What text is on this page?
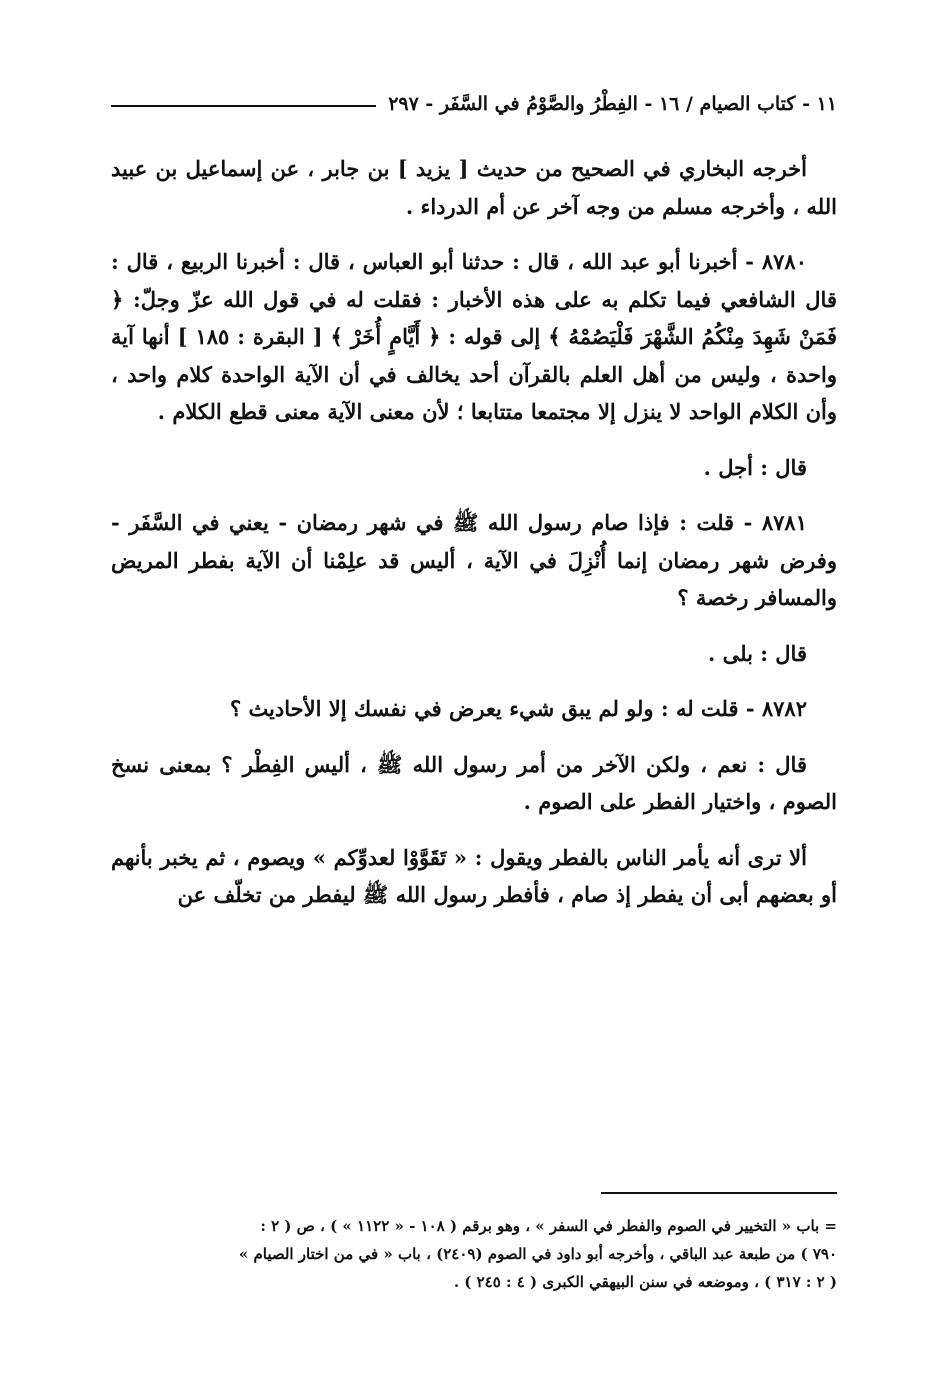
١١ - كتاب الصيام / ١٦ - الفِطْرُ والصَّوْمُ في السَّفَر - ٢٩٧

أخرجه البخاري في الصحيح من حديث [ يزيد ] بن جابر ، عن إسماعيل بن عبيد الله ، وأخرجه مسلم من وجه آخر عن أم الدرداء .

٨٧٨٠ - أخبرنا أبو عبد الله ، قال : حدثنا أبو العباس ، قال : أخبرنا الربيع ، قال : قال الشافعي فيما تكلم به على هذه الأخبار : فقلت له في قول الله عزّ وجلّ: ﴿ فَمَنْ شَهِدَ مِنْكُمُ الشَّهْرَ فَلْيَصُمْهُ ﴾ إلى قوله : ﴿ أَيَّامٍ أُخَرْ ﴾ [ البقرة : ١٨٥ ] أنها آية واحدة ، وليس من أهل العلم بالقرآن أحد يخالف في أن الآية الواحدة كلام واحد ، وأن الكلام الواحد لا ينزل إلا مجتمعا متتابعا ؛ لأن معنى الآية معنى قطع الكلام .

قال : أجل .

٨٧٨١ - قلت : فإذا صام رسول الله ﷺ في شهر رمضان - يعني في السَّفَر - وفرض شهر رمضان إنما أُنْزِلَ في الآية ، أليس قد علِمْنا أن الآية بفطر المريض والمسافر رخصة ؟

قال : بلى .

٨٧٨٢ - قلت له : ولو لم يبق شيء يعرض في نفسك إلا الأحاديث ؟

قال : نعم ، ولكن الآخر من أمر رسول الله ﷺ ، أليس الفِطْر ؟ بمعنى نسخ الصوم ، واختيار الفطر على الصوم .

ألا ترى أنه يأمر الناس بالفطر ويقول : « تَقَوَّوْا لعدوِّكم » ويصوم ، ثم يخبر بأنهم أو بعضهم أبى أن يفطر إذ صام ، فأفطر رسول الله ﷺ ليفطر من تخلّف عن

= باب « التخيير في الصوم والفطر في السفر » ، وهو برقم ( ١٠٨ - « ١١٢٢ » ) ، ص ( ٢ :
٧٩٠ ) من طبعة عبد الباقي ، وأخرجه أبو داود في الصوم (٢٤٠٩) ، باب « في من اختار الصيام »
( ٢ : ٣١٧ ) ، وموضعه في سنن البيهقي الكبرى ( ٤ : ٢٤٥ ) .
